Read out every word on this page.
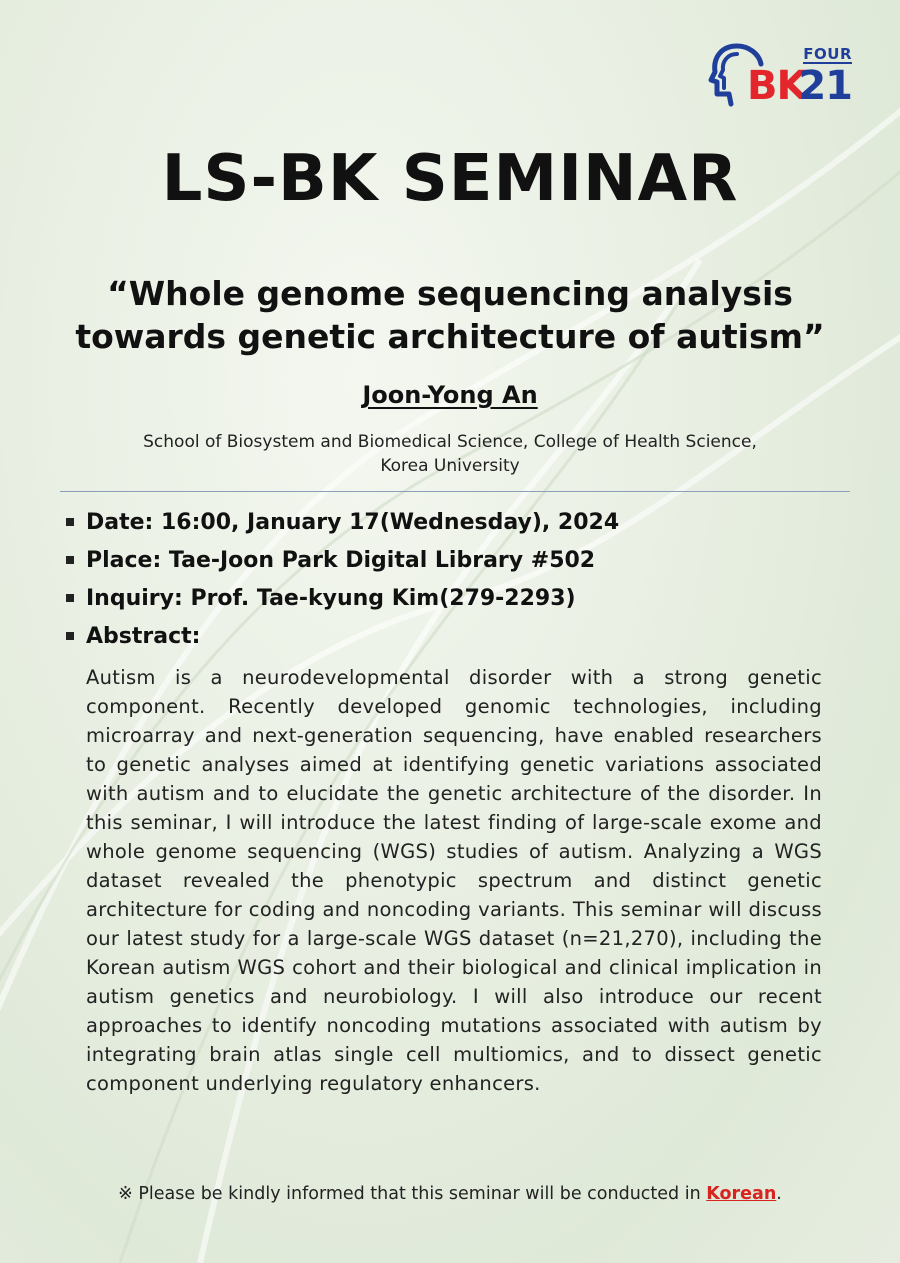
FOUR
BK
21
LS-BK SEMINAR
“Whole genome sequencing analysis
towards genetic architecture of autism”
Joon-Yong An
School of Biosystem and Biomedical Science, College of Health Science,
Korea University
Date: 16:00, January 17(Wednesday), 2024
Place: Tae-Joon Park Digital Library #502
Inquiry: Prof. Tae-kyung Kim(279-2293)
Abstract:

Autism is a neurodevelopmental disorder with a strong genetic component. Recently developed genomic technologies, including microarray and next-generation sequencing, have enabled researchers to genetic analyses aimed at identifying genetic variations associated with autism and to elucidate the genetic architecture of the disorder. In this seminar, I will introduce the latest finding of large-scale exome and whole genome sequencing (WGS) studies of autism. Analyzing a WGS dataset revealed the phenotypic spectrum and distinct genetic architecture for coding and noncoding variants. This seminar will discuss our latest study for a large-scale WGS dataset (n=21,270), including the Korean autism WGS cohort and their biological and clinical implication in autism genetics and neurobiology. I will also introduce our recent approaches to identify noncoding mutations associated with autism by integrating brain atlas single cell multiomics, and to dissect genetic component underlying regulatory enhancers.

※ Please be kindly informed that this seminar will be conducted in Korean.
